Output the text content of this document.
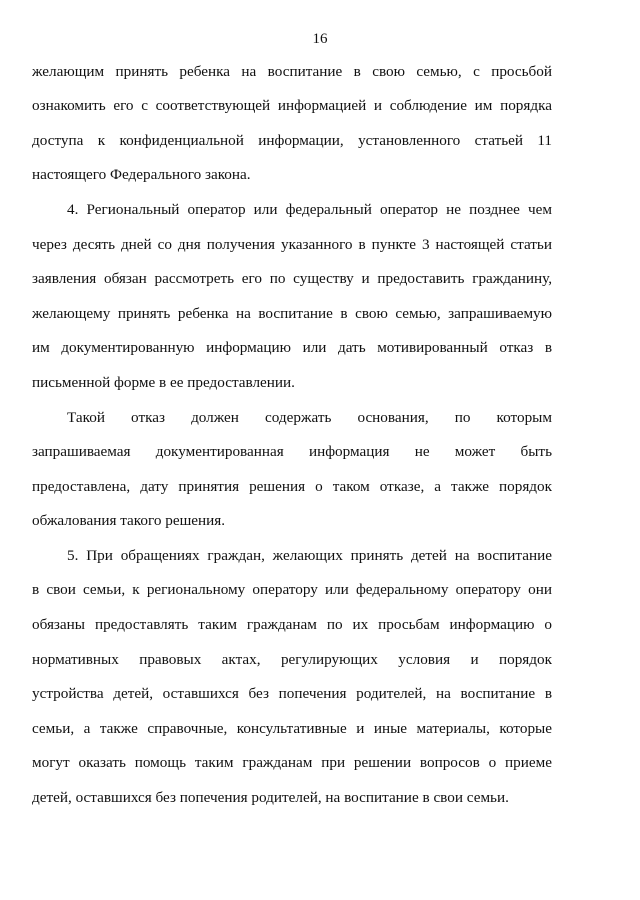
16
желающим принять ребенка на воспитание в свою семью, с просьбой
ознакомить его с соответствующей информацией и соблюдение им порядка
доступа к конфиденциальной информации, установленного статьей 11
настоящего Федерального закона.
4. Региональный оператор или федеральный оператор не позднее чем
через десять дней со дня получения указанного в пункте 3 настоящей статьи
заявления обязан рассмотреть его по существу и предоставить гражданину,
желающему принять ребенка на воспитание в свою семью, запрашиваемую
им документированную информацию или дать мотивированный отказ в
письменной форме в ее предоставлении.
Такой отказ должен содержать основания, по которым
запрашиваемая документированная информация не может быть
предоставлена, дату принятия решения о таком отказе, а также порядок
обжалования такого решения.
5. При обращениях граждан, желающих принять детей на воспитание
в свои семьи, к региональному оператору или федеральному оператору они
обязаны предоставлять таким гражданам по их просьбам информацию о
нормативных правовых актах, регулирующих условия и порядок
устройства детей, оставшихся без попечения родителей, на воспитание в
семьи, а также справочные, консультативные и иные материалы, которые
могут оказать помощь таким гражданам при решении вопросов о приеме
детей, оставшихся без попечения родителей, на воспитание в свои семьи.
